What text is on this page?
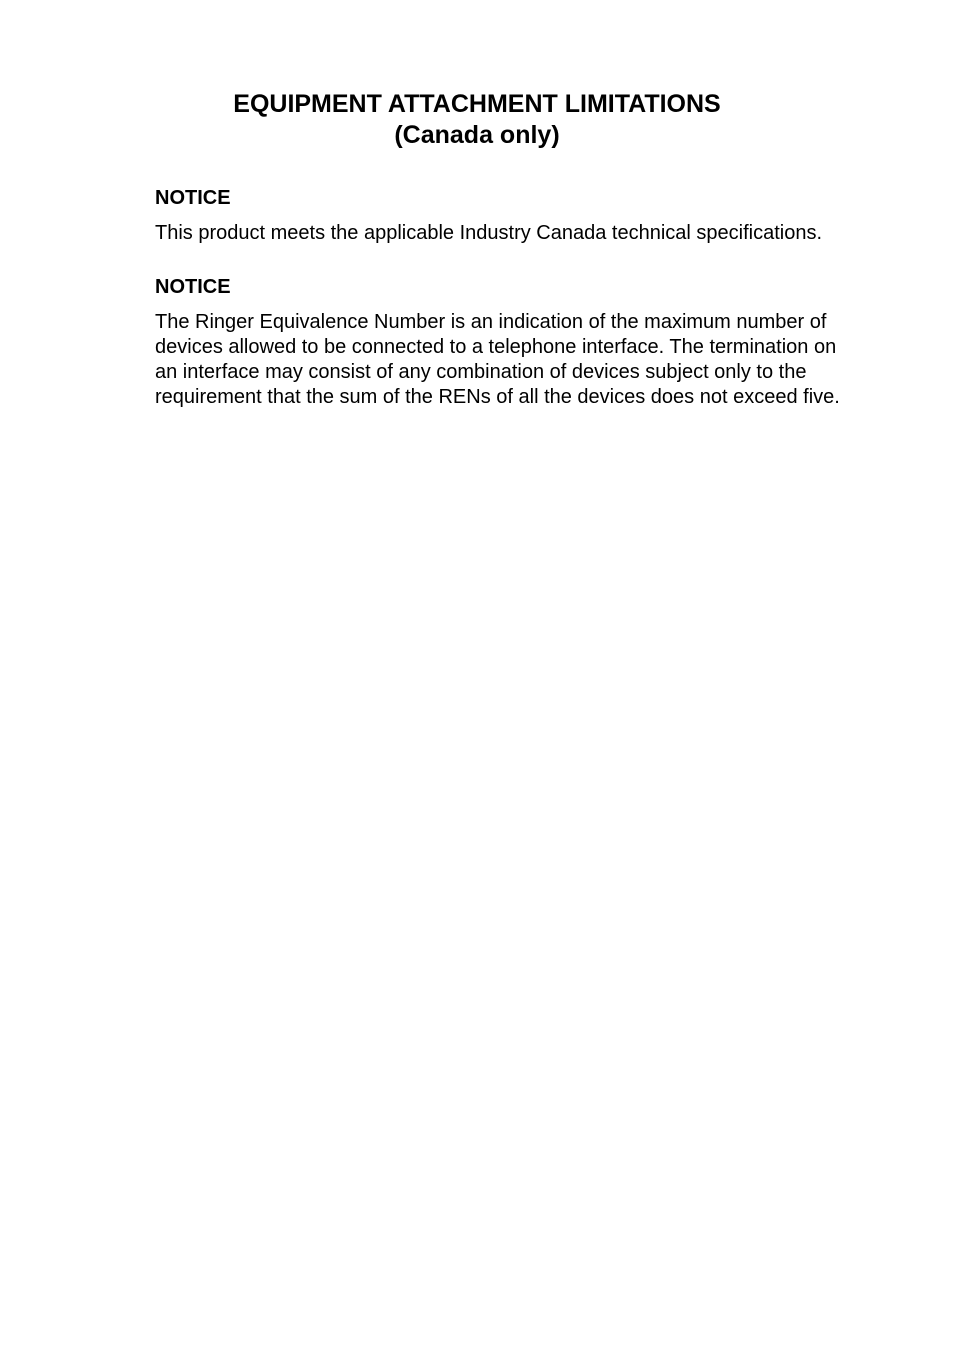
EQUIPMENT ATTACHMENT LIMITATIONS

(Canada only)

NOTICE

This product meets the applicable Industry Canada technical specifications.

NOTICE

The Ringer Equivalence Number is an indication of the maximum number of devices allowed to be connected to a telephone interface. The termination on an interface may consist of any combination of devices subject only to the requirement that the sum of the RENs of all the devices does not exceed five.
